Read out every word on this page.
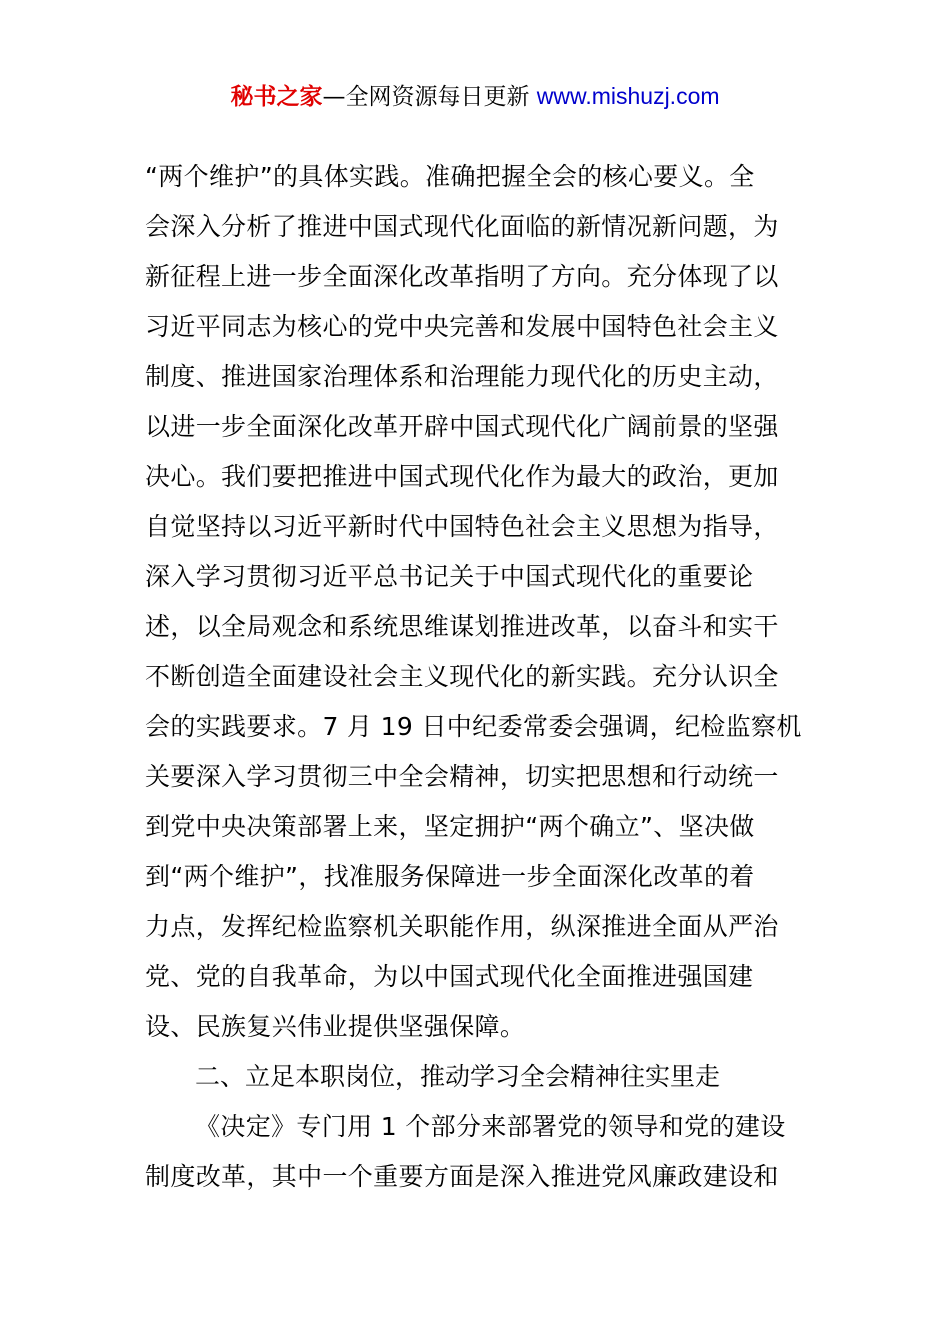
秘书之家—全网资源每日更新 www.mishuzj.com
“两个维护”的具体实践。准确把握全会的核心要义。全
会深入分析了推进中国式现代化面临的新情况新问题，为
新征程上进一步全面深化改革指明了方向。充分体现了以
习近平同志为核心的党中央完善和发展中国特色社会主义
制度、推进国家治理体系和治理能力现代化的历史主动，
以进一步全面深化改革开辟中国式现代化广阔前景的坚强
决心。我们要把推进中国式现代化作为最大的政治，更加
自觉坚持以习近平新时代中国特色社会主义思想为指导，
深入学习贯彻习近平总书记关于中国式现代化的重要论
述，以全局观念和系统思维谋划推进改革，以奋斗和实干
不断创造全面建设社会主义现代化的新实践。充分认识全
会的实践要求。7 月 19 日中纪委常委会强调，纪检监察机
关要深入学习贯彻三中全会精神，切实把思想和行动统一
到党中央决策部署上来，坚定拥护“两个确立”、坚决做
到“两个维护”，找准服务保障进一步全面深化改革的着
力点，发挥纪检监察机关职能作用，纵深推进全面从严治
党、党的自我革命，为以中国式现代化全面推进强国建
设、民族复兴伟业提供坚强保障。
二、立足本职岗位，推动学习全会精神往实里走
《决定》专门用 1 个部分来部署党的领导和党的建设
制度改革，其中一个重要方面是深入推进党风廉政建设和
